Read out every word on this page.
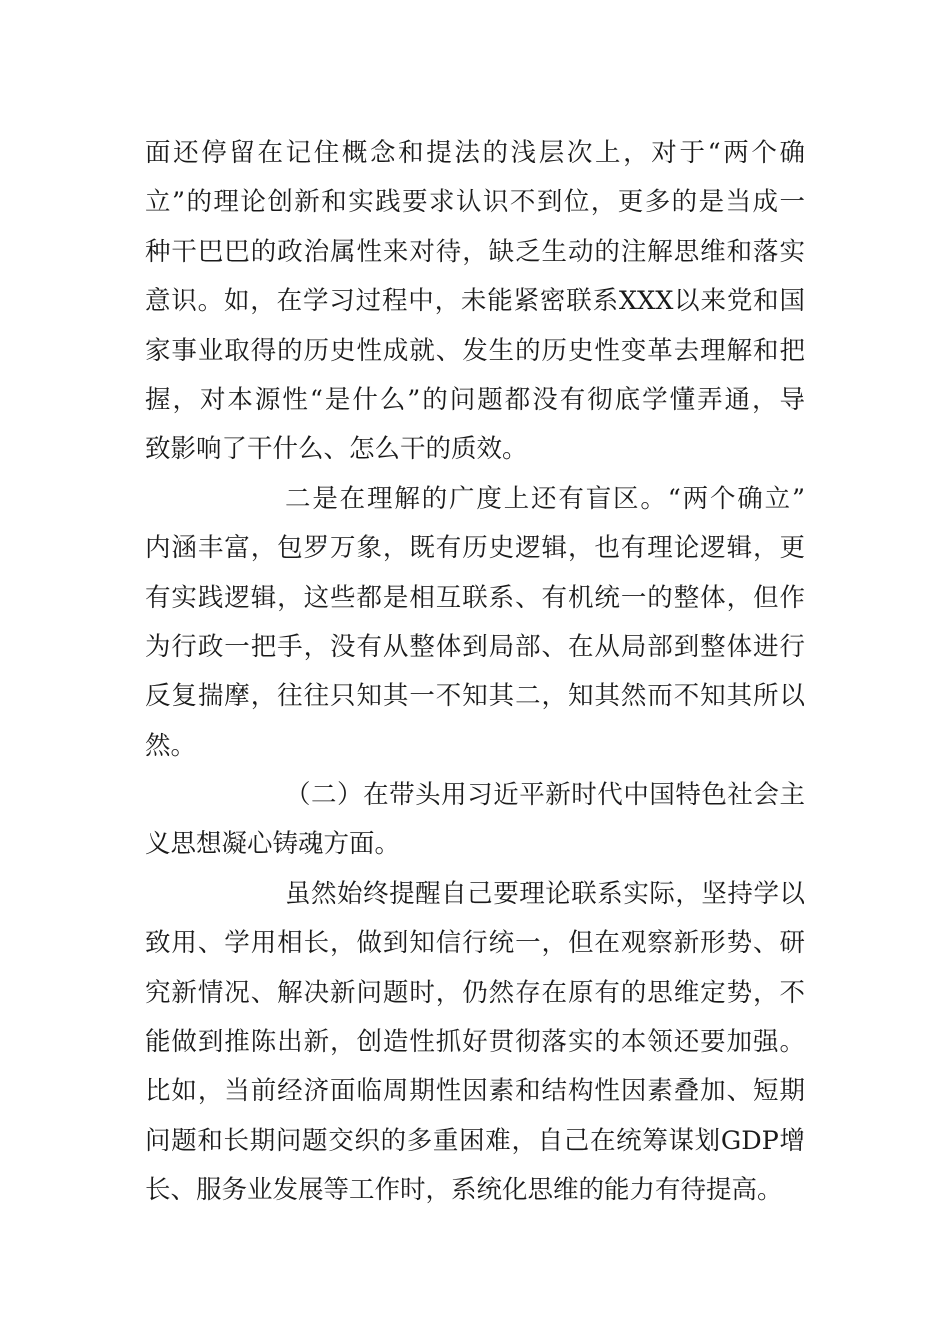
面还停留在记住概念和提法的浅层次上，对于“两个确
立”的理论创新和实践要求认识不到位，更多的是当成一
种干巴巴的政治属性来对待，缺乏生动的注解思维和落实
意识。如，在学习过程中，未能紧密联系XXX以来党和国
家事业取得的历史性成就、发生的历史性变革去理解和把
握，对本源性“是什么”的问题都没有彻底学懂弄通，导
致影响了干什么、怎么干的质效。
二是在理解的广度上还有盲区。“两个确立”
内涵丰富，包罗万象，既有历史逻辑，也有理论逻辑，更
有实践逻辑，这些都是相互联系、有机统一的整体，但作
为行政一把手，没有从整体到局部、在从局部到整体进行
反复揣摩，往往只知其一不知其二，知其然而不知其所以
然。
（二）在带头用习近平新时代中国特色社会主
义思想凝心铸魂方面。
虽然始终提醒自己要理论联系实际，坚持学以
致用、学用相长，做到知信行统一，但在观察新形势、研
究新情况、解决新问题时，仍然存在原有的思维定势，不
能做到推陈出新，创造性抓好贯彻落实的本领还要加强。
比如，当前经济面临周期性因素和结构性因素叠加、短期
问题和长期问题交织的多重困难，自己在统筹谋划GDP增
长、服务业发展等工作时，系统化思维的能力有待提高。
